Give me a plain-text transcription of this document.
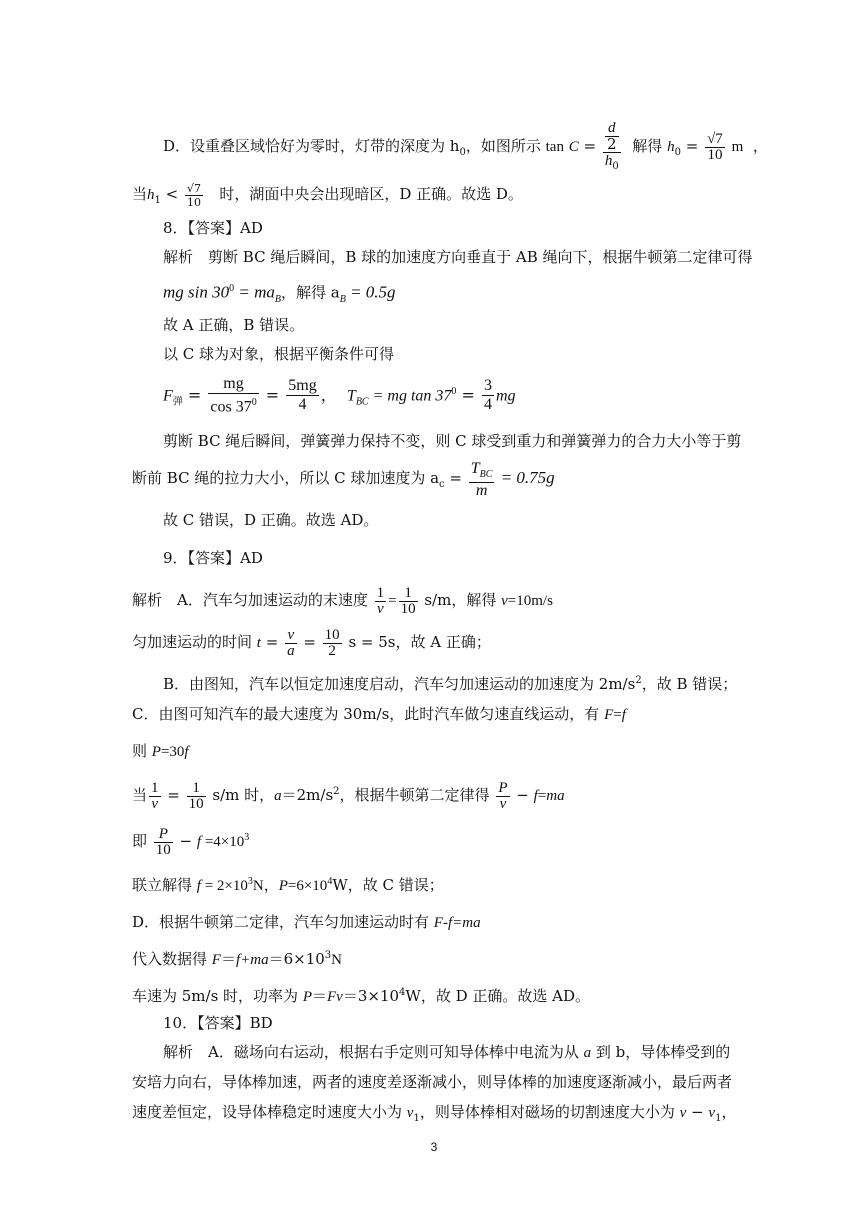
D．设重叠区域恰好为零时，灯带的深度为 $h_0$，如图所示 $\tan C = \frac{\frac{d}{2}}{h_0}$ 解得 $h_0 = \frac{√7}{10}$ m ，
当$h_1 < \frac{√7}{10}$ 时，湖面中央会出现暗区，D 正确。故选 D。
8．【答案】AD
解析　剪断 BC 绳后瞬间，B 球的加速度方向垂直于 AB 绳向下，根据牛顿第二定律可得
mg $\sin 30^0 = ma_B$，解得 $a_B = 0.5g$
故 A 正确，B 错误。
以 C 球为对象，根据平衡条件可得
$F_弹 = \frac{mg}{\cos 37^0} = \frac{5mg}{4}$ ， $T_{BC}$ = mg $\tan 37^0 = \frac{3}{4}$ mg
剪断 BC 绳后瞬间，弹簧弹力保持不变，则 C 球受到重力和弹簧弹力的合力大小等于剪
断前 BC 绳的拉力大小，所以 C 球加速度为 $a_c = \frac{T_{BC}}{m} = 0.75g$
故 C 错误，D 正确。故选 AD。
9．【答案】AD
解析　A．汽车匀加速运动的末速度 $\frac{1}{v} = \frac{1}{10} s/m$，解得 v=10m/s
匀加速运动的时间 $t = \frac{v}{a} = \frac{10}{2}$ s = 5s，故 A 正确；
B．由图知，汽车以恒定加速度启动，汽车匀加速运动的加速度为 $2m/s^2$，故 B 错误；
C．由图可知汽车的最大速度为 30m/s，此时汽车做匀速直线运动，有 F=f
则 P=30f
当 $\frac{1}{v} = \frac{1}{10} s/m$ 时，$a=2m/s^2$，根据牛顿第二定律得 $\frac{P}{v} - f=ma$
即 $\frac{P}{10} - f =4\times 10^3$
联立解得 $f = 2\times 10^3N$，$P=6\times 10^4W$，故 C 错误；
D．根据牛顿第二定律，汽车匀加速运动时有 F-f=ma
代入数据得 $F=f+ma=6\times 10^3N$
车速为 5m/s 时，功率为 $P=Fv=3\times 10^4W$，故 D 正确。故选 AD。
10．【答案】BD
解析　A．磁场向右运动，根据右手定则可知导体棒中电流为从 a 到 b，导体棒受到的
安培力向右，导体棒加速，两者的速度差逐渐减小，则导体棒的加速度逐渐减小，最后两者
速度差恒定，设导体棒稳定时速度大小为 $v_1$，则导体棒相对磁场的切割速度大小为 $v - v_1$，
3
